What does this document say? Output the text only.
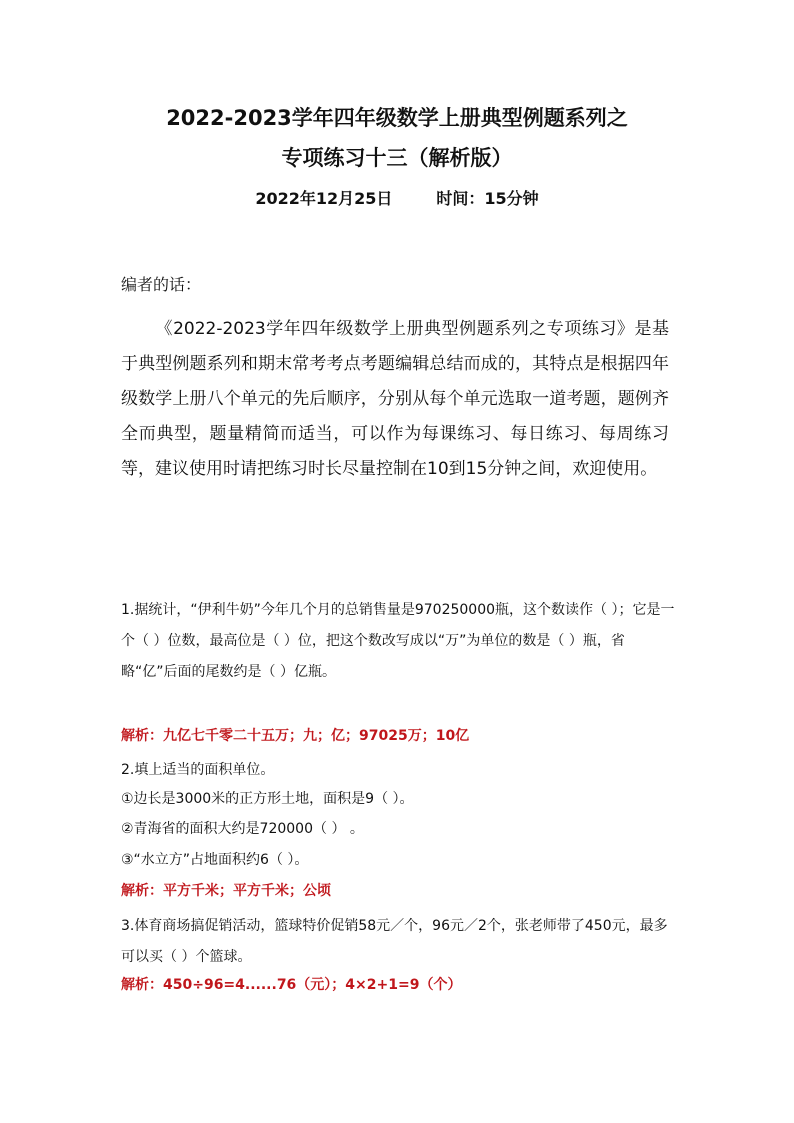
2022-2023学年四年级数学上册典型例题系列之
专项练习十三（解析版）
2022年12月25日	时间：15分钟
编者的话：
《2022-2023学年四年级数学上册典型例题系列之专项练习》是基于典型例题系列和期末常考考点考题编辑总结而成的，其特点是根据四年级数学上册八个单元的先后顺序，分别从每个单元选取一道考题，题例齐全而典型，题量精简而适当，可以作为每课练习、每日练习、每周练习等，建议使用时请把练习时长尽量控制在10到15分钟之间，欢迎使用。
1.据统计，“伊利牛奶”今年几个月的总销售量是970250000瓶，这个数读作（ ）；它是一个（ ）位数，最高位是（ ）位，把这个数改写成以“万”为单位的数是（ ）瓶，省略“亿”后面的尾数约是（ ）亿瓶。
解析：九亿七千零二十五万；九；亿；97025万；10亿
2.填上适当的面积单位。
①边长是3000米的正方形土地，面积是9（ ）。
②青海省的面积大约是720000（ ） 。
③“水立方”占地面积约6（ ）。
解析：平方千米；平方千米；公顷
3.体育商场搞促销活动，篮球特价促销58元／个，96元／2个，张老师带了450元，最多可以买（ ）个篮球。
解析：450÷96=4......76（元）；4×2+1=9（个）
